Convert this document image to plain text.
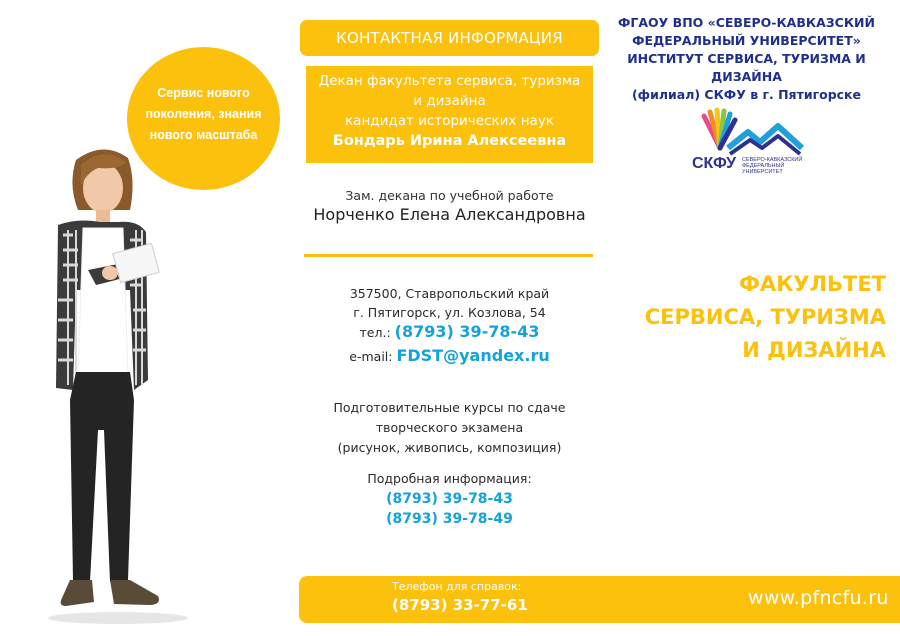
Сервис нового
поколения, знания
нового масштаба
КОНТАКТНАЯ ИНФОРМАЦИЯ
Декан факультета сервиса, туризма
и дизайна
кандидат исторических наук
Бондарь Ирина Алексеевна
Зам. декана по учебной работе
Норченко Елена Александровна
357500, Ставропольский край
г. Пятигорск, ул. Козлова, 54
тел.: (8793) 39-78-43
e-mail: FDST@yandex.ru
Подготовительные курсы по сдаче
творческого экзамена
(рисунок, живопись, композиция)
Подробная информация:
(8793) 39-78-43
(8793) 39-78-49
Телефон для справок:
(8793) 33-77-61	www.pfncfu.ru
ФГАОУ ВПО «СЕВЕРО-КАВКАЗСКИЙ
ФЕДЕРАЛЬНЫЙ УНИВЕРСИТЕТ»
ИНСТИТУТ СЕРВИСА, ТУРИЗМА И ДИЗАЙНА
(филиал) СКФУ в г. Пятигорске
СКФУ СЕВЕРО-КАВКАЗСКИЙ
ФЕДЕРАЛЬНЫЙ
УНИВЕРСИТЕТ
ФАКУЛЬТЕТ
СЕРВИСА, ТУРИЗМА
И ДИЗАЙНА
